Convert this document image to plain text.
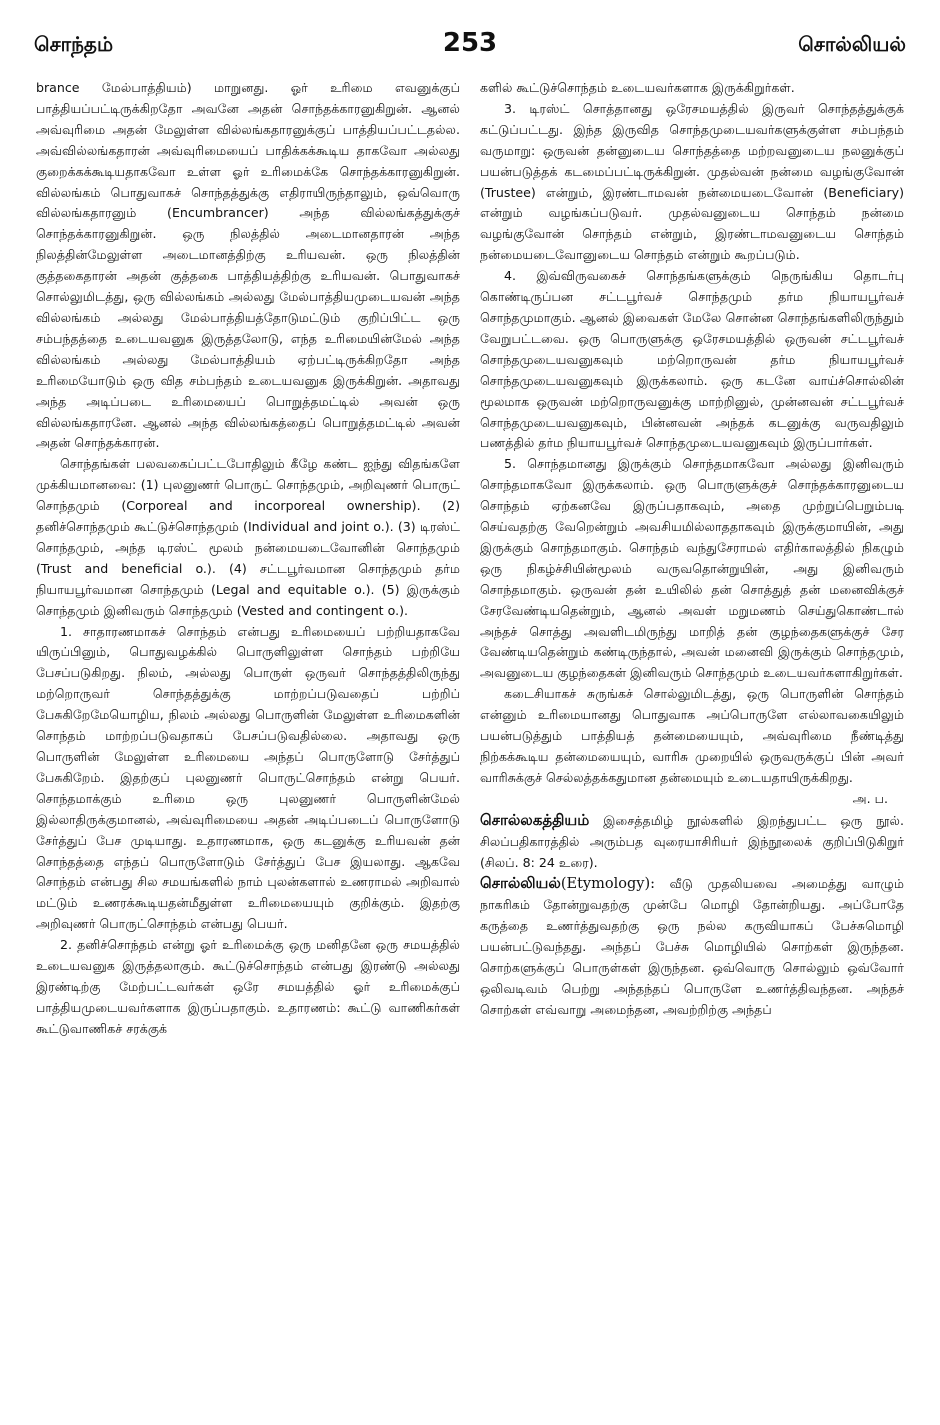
சொந்தம்	253	சொல்லியல்

brance மேல்பாத்தியம்) மாறுனது. ஓர் உரிமை எவனுக்குப் பாத்தியப்பட்டிருக்கிறதோ அவனே அதன் சொந்தக்காரனுகிறுன். ஆனல் அவ்வுரிமை அதன் மேலுள்ள வில்லங்கதாரனுக்குப் பாத்தியப்பட்டதல்ல. அவ்வில்லங்கதாரன் அவ்வுரிமையைப் பாதிக்கக்கூடிய தாகவோ அல்லது குறைக்கக்கூடியதாகவோ உள்ள ஓர் உரிமைக்கே சொந்தக்காரனுகிறுன். வில்லங்கம் பொதுவாகச் சொந்தத்துக்கு எதிராயிருந்தாலும், ஒவ்வொரு வில்லங்கதாரனும் (Encumbrancer) அந்த வில்லங்கத்துக்குச் சொந்தக்காரனுகிறுன். ஒரு நிலத்தில் அடைமானதாரன் அந்த நிலத்தின்மேலுள்ள அடைமானத்திற்கு உரியவன். ஒரு நிலத்தின் குத்தகைதாரன் அதன் குத்தகை பாத்தியத்திற்கு உரியவன். பொதுவாகச் சொல்லுமிடத்து, ஒரு வில்லங்கம் அல்லது மேல்பாத்தியமுடையவன் அந்த வில்லங்கம் அல்லது மேல்பாத்தியத்தோடுமட்டும் குறிப்பிட்ட ஒரு சம்பந்தத்தை உடையவனுக இருத்தலோடு, எந்த உரிமையின்மேல் அந்த வில்லங்கம் அல்லது மேல்பாத்தியம் ஏற்பட்டிருக்கிறதோ அந்த உரிமையோடும் ஒரு வித சம்பந்தம் உடையவனுக இருக்கிறுன். அதாவது அந்த அடிப்படை உரிமையைப் பொறுத்தமட்டில் அவன் ஒரு வில்லங்கதாரனே. ஆனல் அந்த வில்லங்கத்தைப் பொறுத்தமட்டில் அவன் அதன் சொந்தக்காரன்.

சொந்தங்கள் பலவகைப்பட்டபோதிலும் கீழே கண்ட ஐந்து விதங்களே முக்கியமானவை: (1) புலனுணர் பொருட் சொந்தமும், அறிவுணர் பொருட் சொந்தமும் (Corporeal and incorporeal ownership). (2) தனிச்சொந்தமும் கூட்டுச்சொந்தமும் (Individual and joint o.). (3) டிரஸ்ட் சொந்தமும், அந்த டிரஸ்ட் மூலம் நன்மையடைவோனின் சொந்தமும் (Trust and beneficial o.). (4) சட்டபூர்வமான சொந்தமும் தர்ம நியாயபூர்வமான சொந்தமும் (Legal and equitable o.). (5) இருக்கும் சொந்தமும் இனிவரும் சொந்தமும் (Vested and contingent o.).

1. சாதாரணமாகச் சொந்தம் என்பது உரிமையைப் பற்றியதாகவே யிருப்பினும், பொதுவழக்கில் பொருளிலுள்ள சொந்தம் பற்றியே பேசப்படுகிறது. நிலம், அல்லது பொருள் ஒருவர் சொந்தத்திலிருந்து மற்றொருவர் சொந்தத்துக்கு மாற்றப்படுவதைப் பற்றிப் பேசுகிறேமேயொழிய, நிலம் அல்லது பொருளின் மேலுள்ள உரிமைகளின் சொந்தம் மாற்றப்படுவதாகப் பேசப்படுவதில்லை. அதாவது ஒரு பொருளின் மேலுள்ள உரிமையை அந்தப் பொருளோடு சேர்த்துப் பேசுகிறேம். இதற்குப் புலனுணர் பொருட்சொந்தம் என்று பெயர். சொந்தமாக்கும் உரிமை ஒரு புலனுணர் பொருளின்மேல் இல்லாதிருக்குமானல், அவ்வுரிமையை அதன் அடிப்படைப் பொருளோடு சேர்த்துப் பேச முடியாது. உதாரணமாக, ஒரு கடனுக்கு உரியவன் தன் சொந்தத்தை எந்தப் பொருளோடும் சேர்த்துப் பேச இயலாது. ஆகவே சொந்தம் என்பது சில சமயங்களில் நாம் புலன்களால் உணராமல் அறிவால் மட்டும் உணரக்கூடியதன்மீதுள்ள உரிமையையும் குறிக்கும். இதற்கு அறிவுணர் பொருட்சொந்தம் என்பது பெயர்.

2. தனிச்சொந்தம் என்று ஓர் உரிமைக்கு ஒரு மனிதனே ஒரு சமயத்தில் உடையவனுக இருத்தலாகும். கூட்டுச்சொந்தம் என்பது இரண்டு அல்லது இரண்டிற்கு மேற்பட்டவர்கள் ஒரே சமயத்தில் ஓர் உரிமைக்குப் பாத்தியமுடையவர்களாக இருப்பதாகும். உதாரணம்: கூட்டு வாணிகர்கள் கூட்டுவாணிகச் சரக்குக்

களில் கூட்டுச்சொந்தம் உடையவர்களாக இருக்கிறுர்கள்.

3. டிரஸ்ட் சொத்தானது ஒரேசமயத்தில் இருவர் சொந்தத்துக்குக் கட்டுப்பட்டது. இந்த இருவித சொந்தமுடையவர்களுக்குள்ள சம்பந்தம் வருமாறு: ஒருவன் தன்னுடைய சொந்தத்தை மற்றவனுடைய நலனுக்குப் பயன்படுத்தக் கடமைப்பட்டிருக்கிறுன். முதல்வன் நன்மை வழங்குவோன் (Trustee) என்றும், இரண்டாமவன் நன்மையடைவோன் (Beneficiary) என்றும் வழங்கப்படுவர். முதல்வனுடைய சொந்தம் நன்மை வழங்குவோன் சொந்தம் என்றும், இரண்டாமவனுடைய சொந்தம் நன்மையடைவோனுடைய சொந்தம் என்றும் கூறப்படும்.

4. இவ்விருவகைச் சொந்தங்களுக்கும் நெருங்கிய தொடர்பு கொண்டிருப்பன சட்டபூர்வச் சொந்தமும் தர்ம நியாயபூர்வச் சொந்தமுமாகும். ஆனல் இவைகள் மேலே சொன்ன சொந்தங்களிலிருந்தும் வேறுபட்டவை. ஒரு பொருளுக்கு ஒரேசமயத்தில் ஒருவன் சட்டபூர்வச் சொந்தமுடையவனுகவும் மற்றொருவன் தர்ம நியாயபூர்வச் சொந்தமுடையவனுகவும் இருக்கலாம். ஒரு கடனே வாய்ச்சொல்லின் மூலமாக ஒருவன் மற்றொருவனுக்கு மாற்றினுல், முன்னவன் சட்டபூர்வச் சொந்தமுடையவனுகவும், பின்னவன் அந்தக் கடனுக்கு வருவதிலும் பணத்தில் தர்ம நியாயபூர்வச் சொந்தமுடையவனுகவும் இருப்பார்கள்.

5. சொந்தமானது இருக்கும் சொந்தமாகவோ அல்லது இனிவரும் சொந்தமாகவோ இருக்கலாம். ஒரு பொருளுக்குச் சொந்தக்காரனுடைய சொந்தம் ஏற்கனவே இருப்பதாகவும், அதை முற்றுப்பெறும்படி செய்வதற்கு வேறென்றும் அவசியமில்லாததாகவும் இருக்குமாயின், அது இருக்கும் சொந்தமாகும். சொந்தம் வந்துசேராமல் எதிர்காலத்தில் நிகழும் ஒரு நிகழ்ச்சியின்மூலம் வருவதொன்றுயின், அது இனிவரும் சொந்தமாகும். ஒருவன் தன் உயிலில் தன் சொத்துத் தன் மனைவிக்குச் சேரவேண்டியதென்றும், ஆனல் அவள் மறுமணம் செய்துகொண்டால் அந்தச் சொத்து அவளிடமிருந்து மாறித் தன் குழந்தைகளுக்குச் சேர வேண்டியதென்றும் கண்டிருந்தால், அவன் மனைவி இருக்கும் சொந்தமும், அவனுடைய குழந்தைகள் இனிவரும் சொந்தமும் உடையவர்களாகிறுர்கள்.

கடைசியாகச் சுருங்கச் சொல்லுமிடத்து, ஒரு பொருளின் சொந்தம் என்னும் உரிமையானது பொதுவாக அப்பொருளே எல்லாவகையிலும் பயன்படுத்தும் பாத்தியத் தன்மையையும், அவ்வுரிமை நீண்டித்து நிற்கக்கூடிய தன்மையையும், வாரிசு முறையில் ஒருவருக்குப் பின் அவர் வாரிசுக்குச் செல்லத்தக்கதுமான தன்மையும் உடையதாயிருக்கிறது.

அ. ப.

சொல்லகத்தியம் இசைத்தமிழ் நூல்களில் இறந்துபட்ட ஒரு நூல். சிலப்பதிகாரத்தில் அரும்பத வுரையாசிரியர் இந்நூலைக் குறிப்பிடுகிறுர் (சிலப். 8: 24 உரை).

சொல்லியல்(Etymology): வீடு முதலியவை அமைத்து வாழும் நாகரிகம் தோன்றுவதற்கு முன்பே மொழி தோன்றியது. அப்போதே கருத்தை உணர்த்துவதற்கு ஒரு நல்ல கருவியாகப் பேச்சுமொழி பயன்பட்டுவந்தது. அந்தப் பேச்சு மொழியில் சொற்கள் இருந்தன. சொற்களுக்குப் பொருள்கள் இருந்தன. ஒவ்வொரு சொல்லும் ஒவ்வோர் ஒலிவடிவம் பெற்று அந்தந்தப் பொருளே உணர்த்திவந்தன. அந்தச் சொற்கள் எவ்வாறு அமைந்தன, அவற்றிற்கு அந்தப்
